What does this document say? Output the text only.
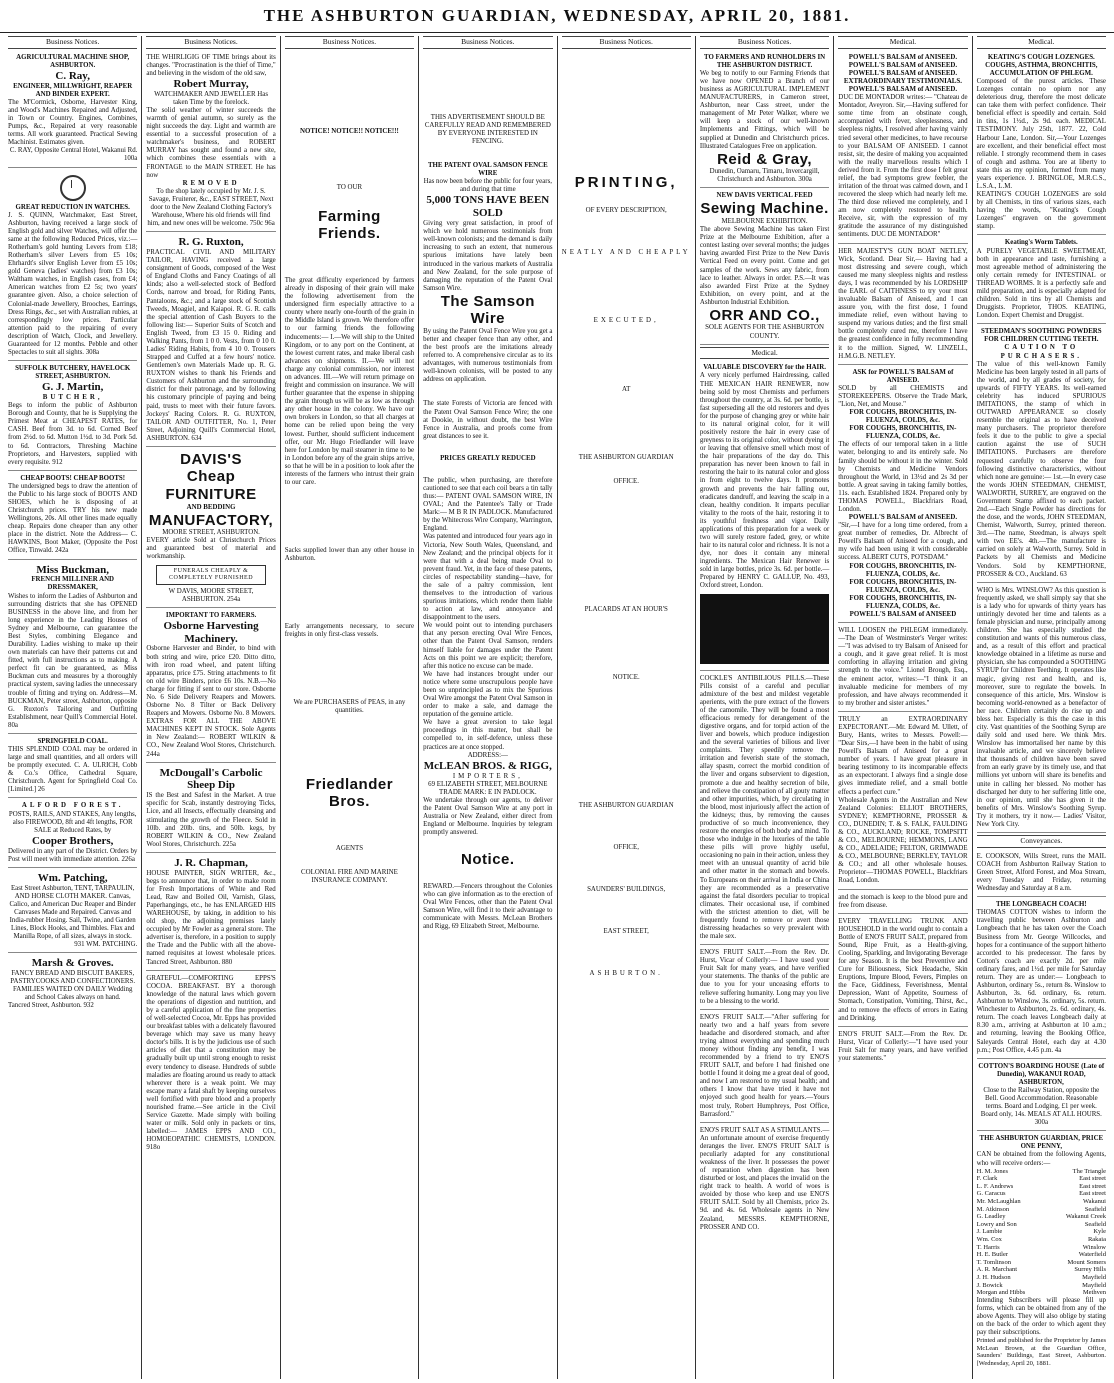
THE ASHBURTON GUARDIAN, WEDNESDAY, APRIL 20, 1881.
Business Notices.
AGRICULTURAL MACHINE SHOP, ASHBURTON.
C. Ray,
ENGINEER, MILLWRIGHT, REAPER AND BINDER EXPERT.
The M'Cormick, Osborne, Harvester King, and Wood's Machines Repaired and Adjusted, in Town or Country. Engines, Combines, Pumps, &c., Repaired at very reasonable terms. All work guaranteed. Practical Sewing Machinist. Estimates given.
C. RAY, Opposite Central Hotel, Wakanui Rd. 100a
GREAT REDUCTION IN WATCHES.
J. S. QUINN, Watchmaker, East Street, Ashburton, having received a large stock of English gold and silver Watches, will offer the same at the following Reduced Prices, viz.:— Rotherham's gold hunting Levers from £18; Rotherham's silver Levers from £5 10s; Ehrhardt's silver English Lever from £5 10s; gold Geneva (ladies' watches) from £3 10s; Waltham watches, in English cases, from £4; American watches from £2 5s; two years' guarantee given. Also, a choice selection of Colonial-made Jewellery, Brooches, Earrings, Dress Rings, &c., set with Australian rubies, at correspondingly low prices. Particular attention paid to the repairing of every description of Watch, Clock, and Jewellery. Guaranteed for 12 months. Pebble and other Spectacles to suit all sights. 308a
SUFFOLK BUTCHERY, HAVELOCK STREET, ASHBURTON.
G. J. Martin,
BUTCHER,
Begs to inform the public of Ashburton Borough and County, that he is Supplying the Primest Meat at CHEAPEST RATES, for CASH. Beef from 3d. to 6d. Corned Beef from 2½d. to 6d. Mutton 1½d. to 3d. Pork 5d. to 6d. Contractors, Threshing Machine Proprietors, and Harvesters, supplied with every requisite. 912
CHEAP BOOTS! CHEAP BOOTS!
The undersigned begs to draw the attention of the Public to his large stock of BOOTS AND SHOES, which he is disposing of at Christchurch prices. TRY his new made Wellingtons, 20s. All other lines made equally cheap. Repairs done cheaper than any other place in the district. Note the Address— C. HAWKINS, Boot Maker, (Opposite the Post Office, Tinwald. 242a
Miss Buckman,
FRENCH MILLINER AND DRESSMAKER,
Wishes to inform the Ladies of Ashburton and surrounding districts that she has OPENED BUSINESS in the above line, and from her long experience in the Leading Houses of Sydney and Melbourne, can guarantee the Best Styles, combining Elegance and Durability. Ladies wishing to make up their own materials can have their patterns cut and fitted, with full instructions as to making. A perfect fit can be guaranteed, as Miss Buckman cuts and measures by a thoroughly practical system, saving ladies the unnecessary trouble of fitting and trying on. Address—M. BUCKMAN, Peter street, Ashburton, opposite G. Ruxton's Tailoring and Outfitting Establishment, near Quill's Commercial Hotel. 80a
SPRINGFIELD COAL.
THIS SPLENDID COAL may be ordered in large and small quantities, and all orders will be promptly executed. C. A. ULRICH, Cobb & Co.'s Office, Cathedral Square, Christchurch. Agent for Springfield Coal Co. [Limited.] 26
ALFORD FOREST.
POSTS, RAILS, AND STAKES, Any lengths, also FIREWOOD, 8ft and 4ft lengths, FOR SALE at Reduced Rates, by
Cooper Brothers,
Delivered in any part of the District. Orders by Post will meet with immediate attention. 226a
Wm. Patching,
East Street Ashburton, TENT, TARPAULIN, AND HORSE CLOTH MAKER. Canvas, Calico, and American Duc Reaper and Binder Canvases Made and Repaired. Canvas and India-rubber Hosing. Sail, Twine, and Garden Lines, Block Hooks, and Thimbles. Flax and Manilla Rope, of all sizes, always in stock.
931 WM. PATCHING.
Marsh & Groves.
FANCY BREAD AND BISCUIT BAKERS, PASTRYCOOKS AND CONFECTIONERS. FAMILIES WAITED ON DAILY Wedding and School Cakes always on hand.
Tancred Street, Ashburton. 932
Business Notices.
THE WHIRLIGIG OF TIME brings about its changes. "Procrastination is the thief of Time," and believing in the wisdom of the old saw,
Robert Murray,
WATCHMAKER AND JEWELLER Has taken Time by the forelock.
The solid weather of winter succeeds the warmth of genial autumn, so surely as the night succeeds the day. Light and warmth are essential to a successful prosecution of a watchmaker's business, and ROBERT MURRAY has sought and found a new site, which combines these essentials with a FRONTAGE to the MAIN STREET. He has now
REMOVED
To the shop lately occupied by Mr. J. S. Savage, Fruiterer, &c., EAST STREET, Next door to the New Zealand Clothing Factory's Warehouse, Where his old friends will find him, and new ones will be welcome. 750c 96a
R. G. Ruxton,
PRACTICAL CIVIL AND MILITARY TAILOR, HAVING received a large consignment of Goods, composed of the West of England Cloths and Fancy Coatings of all kinds; also a well-selected stock of Bedford Cords, narrow and broad, for Riding Pants, Pantaloons, &c.; and a large stock of Scottish Tweeds, Moagiel, and Kaiapoi. R. G. R. calls the special attention of Cash Buyers to the following list:— Superior Suits of Scotch and English Tweed, from £3 15 0. Riding and Walking Pants, from 1 0 0. Vests, from 0 10 0. Ladies' Riding Habits, from 4 10 0. Trousers Strapped and Cuffed at a few hours' notice. Gentlemen's own Materials Made up. R. G. RUXTON wishes to thank his Friends and Customers of Ashburton and the surrounding district for their patronage, and by following his customary principle of paying and being paid, trusts to meet with their future favors. Jockeys' Racing Colors. R. G. RUXTON, TAILOR AND OUTFITTER, No. 1, Peter Street, Adjoining Quill's Commercial Hotel, ASHBURTON. 634
DAVIS'S
Cheap
FURNITURE
AND BEDDING
MANUFACTORY,
MOORE STREET, ASHBURTON.
EVERY article Sold at Christchurch Prices and guaranteed best of material and workmanship.
FUNERALS CHEAPLY & COMPLETELY FURNISHED
W DAVIS, MOORE STREET, ASHBURTON. 254a
IMPORTANT TO FARMERS.
Osborne Harvesting Machinery.
Osborne Harvester and Binder, to bind with both string and wire, price £20. Ditto ditto, with iron road wheel, and patent lifting apparatus, price £75. String attachments to fit on old wire Binders, price £6 10s. N.B.—No charge for fitting if sent to our store. Osborne No. 6 Side Delivery Reapers and Mowers. Osborne No. 8 Tilter or Back Delivery Reapers and Mowers. Osborne No. 8 Mowers. EXTRAS FOR ALL THE ABOVE MACHINES KEPT IN STOCK. Sole Agents in New Zealand:— ROBERT WILKIN & CO., New Zealand Wool Stores, Christchurch. 244a
McDougall's Carbolic Sheep Dip
IS the Best and Safest in the Market. A true specific for Scab, instantly destroying Ticks, Lice, and all Insects, effectually cleansing and stimulating the growth of the Fleece. Sold in 10lb. and 20lb. tins, and 50lb. kegs, by ROBERT WILKIN & CO., New Zealand Wool Stores, Christchurch. 225a
J. R. Chapman,
HOUSE PAINTER, SIGN WRITER, &c., begs to announce that, in order to make room for Fresh Importations of White and Red Lead, Raw and Boiled Oil, Varnish, Glass, Paperhangings, etc., he has ENLARGED HIS WAREHOUSE, by taking, in addition to his old shop, the adjoining premises lately occupied by Mr Fowler as a general store. The advertiser is, therefore, in a position to supply the Trade and the Public with all the above-named requisites at lowest wholesale prices. Tancred Street, Ashburton. 880
GRATEFUL—COMFORTING EPPS'S COCOA. BREAKFAST. BY a thorough knowledge of the natural laws which govern the operations of digestion and nutrition, and by a careful application of the fine properties of well-selected Cocoa, Mr. Epps has provided our breakfast tables with a delicately flavoured beverage which may save us many heavy doctor's bills. It is by the judicious use of such articles of diet that a constitution may be gradually built up until strong enough to resist every tendency to disease. Hundreds of subtle maladies are floating around us ready to attack wherever there is a weak point. We may escape many a fatal shaft by keeping ourselves well fortified with pure blood and a properly nourished frame.—See article in the Civil Service Gazette. Made simply with boiling water or milk. Sold only in packets or tins, labelled:— JAMES EPPS AND CO., HOMOEOPATHIC CHEMISTS, LONDON. 918o
Business Notices.
NOTICE! NOTICE!! NOTICE!!!
TO OUR
Farming Friends.
The great difficulty experienced by farmers already in disposing of their grain will make the following advertisement from the undersigned firm especially attractive to a county where nearly one-fourth of the grain in the Middle Island is grown. We therefore offer to our farming friends the following inducements:— I.—We will ship to the United Kingdom, or to any port on the Continent, at the lowest current rates, and make liberal cash advances on shipments. II.—We will not charge any colonial commission, nor interest on advances. III.—We will return primage on freight and commission on insurance. We will further guarantee that the expense in shipping the grain through us will be as low as through any other house in the colony. We have our own brokers in London, so that all charges at home can be relied upon being the very lowest. Further, should sufficient inducement offer, our Mr. Hugo Friedlander will leave here for London by mail steamer in time to be in London before any of the grain ships arrive, so that he will be in a position to look after the interests of the farmers who intrust their grain to our care.
Sacks supplied lower than any other house in Ashburton.
Early arrangements necessary, to secure freights in only first-class vessels.
We are PURCHASERS of PEAS, in any quantities.
Friedlander Bros.
AGENTS
COLONIAL FIRE AND MARINE INSURANCE COMPANY.
Business Notices.
THIS ADVERTISEMENT SHOULD BE CAREFULLY READ AND REMEMBERED BY EVERYONE INTERESTED IN FENCING.
THE PATENT OVAL SAMSON FENCE WIRE
Has now been before the public for four years, and during that time
5,000 TONS HAVE BEEN SOLD
Giving very great satisfaction, in proof of which we hold numerous testimonials from well-known colonists; and the demand is daily increasing to such an extent, that numerous spurious imitations have lately been introduced in the various markets of Australia and New Zealand, for the sole purpose of damaging the reputation of the Patent Oval Samson Wire.
The Samson Wire
By using the Patent Oval Fence Wire you get a better and cheaper fence than any other, and the best proofs are the imitations already referred to. A comprehensive circular as to its advantages, with numerous testimonials from well-known colonists, will be posted to any address on application.
The state Forests of Victoria are fenced with the Patent Oval Samson Fence Wire; the one at Dookie, in without doubt, the best Wire Fence in Australia, and proofs come from great distances to see it.
PRICES GREATLY REDUCED
The public, when purchasing, are therefore cautioned to see that each coil bears a tin tally thus:— PATENT OVAL SAMSON WIRE, IN OVAL; And the Patentee's Tally or Trade Mark:— M B R IN PADLOCK. Manufactured by the Whitecross Wire Company, Warrington, England.
Was patented and introduced four years ago in Victoria, New South Wales, Queensland, and New Zealand; and the principal objects for it were that with a deal being made Oval to prevent fraud. Yet, in the face of these patents, circles of respectability standing—have, for the sale of a paltry commission, lent themselves to the introduction of various spurious imitations, which render them liable to action at law, and annoyance and disappointment to the users.
We would point out to intending purchasers that any person erecting Oval Wire Fences, other than the Patent Oval Samson, renders himself liable for damages under the Patent Acts on this point we are explicit; therefore, after this notice no excuse can be made.
We have had instances brought under our notice where some unscrupulous people have been so unprincipled as to mix the Spurious Oval Wire amongst the Patent Oval Samson in order to make a sale, and damage the reputation of the genuine article.
We have a great aversion to take legal proceedings in this matter, but shall be compelled to, in self-defence, unless these practices are at once stopped.
ADDRESS:—
McLEAN BROS. & RIGG,
IMPORTERS,
69 ELIZABETH STREET, MELBOURNE
TRADE MARK: E IN PADLOCK.
We undertake through our agents, to deliver the Patent Oval Samson Wire at any port in Australia or New Zealand, either direct from England or Melbourne. Inquiries by telegram promptly answered.
Notice.
REWARD.—Fencers throughout the Colonies who can give information as to the erection of Oval Wire Fences, other than the Patent Oval Samson Wire, will find it to their advantage to communicate with Messrs. McLean Brothers and Rigg, 69 Elizabeth Street, Melbourne.
Business Notices.
PRINTING,
OF EVERY DESCRIPTION,
NEATLY AND CHEAPLY
EXECUTED,
AT
THE ASHBURTON GUARDIAN
OFFICE.
PLACARDS AT AN HOUR'S
NOTICE.
THE ASHBURTON GUARDIAN
OFFICE,
SAUNDERS' BUILDINGS,
EAST STREET,
ASHBURTON.
Business Notices.
TO FARMERS AND RUNHOLDERS IN THE ASHBURTON DISTRICT.
We beg to notify to our Farming Friends that we have now OPENED a Branch of our business as AGRICULTURAL IMPLEMENT MANUFACTURERS, in Cameron street, Ashburton, near Cass street, under the management of Mr Peter Walker, where we will keep a stock of our well-known Implements and Fittings, which will be supplied at Dunedin and Christchurch prices. Illustrated Catalogues Free on application.
Reid & Gray,
Dunedin, Oamaru, Timaru, Invercargill, Christchurch and Ashburton. 300a
NEW DAVIS VERTICAL FEED
Sewing Machine.
MELBOURNE EXHIBITION.
The above Sewing Machine has taken First Prize at the Melbourne Exhibition, after a contest lasting over several months; the judges having awarded First Prize to the New Davis Vertical Feed on every point. Come and get samples of the work. Sews any fabric, from lace to leather. Always in order. P.S.—It was also awarded First Prize at the Sydney Exhibition, on every point, and at the Ashburton Industrial Exhibition.
ORR AND CO.,
SOLE AGENTS FOR THE ASHBURTON COUNTY.
Medical.
VALUABLE DISCOVERY for the HAIR.
A very nicely perfumed Hairdressing, called THE MEXICAN HAIR RENEWER, now being sold by most Chemists and perfumers throughout the country, at 3s. 6d. per bottle, is fast superseding all the old restorers and dyes for the purpose of changing grey or white hair to its natural original color, for it will positively restore the hair in every case of greyness to its original color, without dyeing it or leaving that offensive smell which most of the hair preparations of the day do. This preparation has never been known to fail in restoring the hair to its natural color and gloss in from eight to twelve days. It promotes growth and prevents the hair falling out, eradicates dandruff, and leaving the scalp in a clean, healthy condition. It imparts peculiar vitality to the roots of the hair, restoring it to its youthful freshness and vigor. Daily applications of this preparation for a week or two will surely restore faded, grey, or white hair to its natural color and richness. It is not a dye, nor does it contain any mineral ingredients. The Mexican Hair Renewer is sold in large bottles, price 3s. 6d. per bottle.—Prepared by HENRY C. GALLUP, No. 493, Oxford street, London.
COCKLE'S ANTIBILIOUS PILLS.—These Pills consist of a careful and peculiar admixture of the best and mildest vegetable aperients, with the pure extract of the flowers of the camomile. They will be found a most efficacious remedy for derangement of the digestive organs, and for torpid action of the liver and bowels, which produce indigestion and the several varieties of bilious and liver complaints. They speedily remove the irritation and feverish state of the stomach, allay spasm, correct the morbid condition of the liver and organs subservient to digestion, promote a due and healthy secretion of bile, and relieve the constipation of all gouty matter and other impurities, which, by circulating in the blood, most injuriously affect the action of the kidneys; thus, by removing the causes productive of so much inconvenience, they restore the energies of both body and mind. To those who indulge in the luxuries of the table these pills will prove highly useful, occasioning no pain in their action, unless they meet with an unusual quantity of acrid bile and other matter in the stomach and bowels. To Europeans on their arrival in India or China they are recommended as a preservative against the fatal disorders peculiar to tropical climates. Their occasional use, if combined with the strictest attention to diet, will be frequently found to remove or avert those distressing headaches so very prevalent with the male sex.
ENO'S FRUIT SALT.—From the Rev. Dr. Hurst, Vicar of Collerly:— I have used your Fruit Salt for many years, and have verified your statements. The thanks of the public are due to you for your unceasing efforts to relieve suffering humanity. Long may you live to be a blessing to the world.
ENO'S FRUIT SALT.—"After suffering for nearly two and a half years from severe headache and disordered stomach, and after trying almost everything and spending much money without finding any benefit, I was recommended by a friend to try ENO'S FRUIT SALT, and before I had finished one bottle I found it doing me a great deal of good, and now I am restored to my usual health; and others I know that have tried it have not enjoyed such good health for years.—Yours most truly, Robert Humphreys, Post Office, Barrasford."
ENO'S FRUIT SALT AS A STIMULANTS.—An unfortunate amount of exercise frequently deranges the liver. ENO'S FRUIT SALT is peculiarly adapted for any constitutional weakness of the liver. It possesses the power of reparation when digestion has been disturbed or lost, and places the invalid on the right track to health. A world of woes is avoided by those who keep and use ENO'S FRUIT SALT. Sold by all Chemists, price 2s. 9d. and 4s. 6d. Wholesale agents in New Zealand, MESSRS. KEMPTHORNE, PROSSER AND CO.
Medical.
POWELL'S BALSAM of ANISEED.
POWELL'S BALSAM of ANISEED.
POWELL'S BALSAM of ANISEED.
EXTRAORDINARY TESTIMONIALS.
POWELL'S BALSAM of ANISEED.
DUC DE MONTADOR writes:— "Chateau de Montador, Aveyron. Sir,—Having suffered for some time from an obstinate cough, accompanied with fever, sleeplessness, and sleepless nights, I resolved after having vainly tried several other medicines, to have recourse to your BALSAM OF ANISEED. I cannot resist, sir, the desire of making you acquainted with the really marvellous results which I derived from it. From the first dose I felt great relief, the bad symptoms grew feebler, the irritation of the throat was calmed down, and I recovered the sleep which had nearly left me. The third dose relieved me completely, and I am now completely restored to health. Receive, sir, with the expression of my gratitude the assurance of my distinguished sentiments. DUC DE MONTADOR"
HER MAJESTY'S GUN BOAT NETLEY, Wick, Scotland. Dear Sir,— Having had a most distressing and severe cough, which caused me many sleepless nights and restless days, I was recommended by his LORDSHIP the EARL of CAITHNESS to try your most invaluable Balsam of Aniseed, and I can assure you, with the first dose, I found immediate relief, even without having to suspend my various duties; and the first small bottle completely cured me, therefore I have the greatest confidence in fully recommending it to the million. Signed, W. LINZELL, H.M.G.B. NETLEY.
ASK for POWELL'S BALSAM of ANISEED.
SOLD by all CHEMISTS and STOREKEEPERS. Observe the Trade Mark, "Lion, Net, and Mouse."
FOR COUGHS, BRONCHITIS, IN-FLUENZA, COLDS, &c.
FOR COUGHS, BRONCHITIS, IN-FLUENZA, COLDS, &c.
The effects of our temporal taken in a little water, belonging to and its entirely safe. No family should be without it in the winter. Sold by Chemists and Medicine Vendors throughout the World, in 13½d and 2s 3d per bottle. A great saving in taking family bottles, 11s. each. Established 1824. Prepared only by THOMAS POWELL, Blackfriars Road, London.
POWELL'S BALSAM of ANISEED.
"Sir,—I have for a long time ordered, from a great number of remedies, Dr. Albrecht of Powell's Balsam of Aniseed for a cough, and my wife had been using it with considerable success. ALBERT CUTS, POTSDAM."
FOR COUGHS, BRONCHITIS, IN-FLUENZA, COLDS, &c.
FOR COUGHS, BRONCHITIS, IN-FLUENZA, COLDS, &c.
FOR COUGHS, BRONCHITIS, IN-FLUENZA, COLDS, &c.
POWELL'S BALSAM of ANISEED
WILL LOOSEN the PHLEGM immediately.—The Dean of Westminster's Verger writes:—"I was advised to try Balsam of Aniseed for a cough, and it gave great relief. It is most comforting in allaying irritation and giving strength to the voice." Lionel Brough, Esq., the eminent actor, writes:—"I think it an invaluable medicine for members of my profession, and have always recommended it to my brother and sister artistes."
TRULY an EXTRAORDINARY EXPECTORANT.—Mr. Edward M. Ullett, of Bury, Hants, writes to Messrs. Powell:— "Dear Sirs,—I have been in the habit of using Powell's Balsam of Aniseed for a great number of years. I have great pleasure in bearing testimony to its incomparable effects as an expectorant. I always find a single dose gives immediate relief, and a small bottle effects a perfect cure."
Wholesale Agents in the Australian and New Zealand Colonies: ELLIOT BROTHERS, SYDNEY; KEMPTHORNE, PROSSER & CO., DUNEDIN; T. & S. FALK, FAULDING & CO., AUCKLAND; ROCKE, TOMPSITT & CO., MELBOURNE; HEMMONS, LANG & CO., ADELAIDE; FELTON, GRIMWADE & CO., MELBOURNE; BERKLEY, TAYLOR & CO.; and all other wholesale houses. Proprietor—THOMAS POWELL, Blackfriars Road, London.
and the stomach is keep to the blood pure and free from disease.
EVERY TRAVELLING TRUNK AND HOUSEHOLD in the world ought to contain a Bottle of ENO'S FRUIT SALT, prepared from Sound, Ripe Fruit, as a Health-giving, Cooling, Sparkling, and Invigorating Beverage for any Season. It is the best Preventive and Cure for Biliousness, Sick Headache, Skin Eruptions, Impure Blood, Fevers, Pimples on the Face, Giddiness, Feverishness, Mental Depression, Want of Appetite, Sourness of Stomach, Constipation, Vomiting, Thirst, &c., and to remove the effects of errors in Eating and Drinking.
ENO'S FRUIT SALT.—From the Rev. Dr. Hurst, Vicar of Collerly:—"I have used your Fruit Salt for many years, and have verified your statements."
Medical.
KEATING'S COUGH LOZENGES.
COUGHS, ASTHMA, BRONCHITIS, ACCUMULATION OF PHLEGM.
Composed of the purest articles. These Lozenges contain no opium nor any deleterious drug, therefore the most delicate can take them with perfect confidence. Their beneficial effect is speedily and certain. Sold in tins, 1s 1½d., 2s 9d. each. MEDICAL TESTIMONY. July 25th, 1877. 22, Cold Harbour Lane, London. Sir,—Your Lozenges are excellent, and their beneficial effect most reliable. I strongly recommend them in cases of cough and asthma. You are at liberty to state this as my opinion, formed from many years experience. J. BRINGLOE, M.R.C.S., L.S.A., L.M.
KEATING'S COUGH LOZENGES are sold by all Chemists, in tins of various sizes, each having the words, "Keating's Cough Lozenges" engraven on the government stamp.
Keating's Worm Tablets.
A PURELY VEGETABLE SWEETMEAT, both in appearance and taste, furnishing a most agreeable method of administering the only certain remedy for INTESTINAL or THREAD WORMS. It is a perfectly safe and mild preparation, and is especially adapted for children. Sold in tins by all Chemists and Druggists. Proprietor, THOS. KEATING, London. Expert Chemist and Druggist.
STEEDMAN'S SOOTHING POWDERS FOR CHILDREN CUTTING TEETH.
CAUTION TO PURCHASERS.
The value of this well-known Family Medicine has been largely tested in all parts of the world, and by all grades of society, for upwards of FIFTY YEARS. Its well-earned celebrity has induced SPURIOUS IMITATIONS, the stamp of which in OUTWARD APPEARANCE so closely resemble the original as to have deceived many purchasers. The proprietor therefore feels it due to the public to give a special caution against the use of SUCH IMITATIONS. Purchasers are therefore requested carefully to observe the four following distinctive characteristics, without which none are genuine:— 1st.—In every case the words JOHN STEEDMAN, CHEMIST, WALWORTH, SURREY, are engraved on the Government Stamp affixed to each packet. 2nd.—Each Single Powder has directions for the dose, and the words, JOHN STEEDMAN, Chemist, Walworth, Surrey, printed thereon. 3rd.—The name, Steedman, is always spelt with two EE's. 4th.—The manufacture is carried on solely at Walworth, Surrey. Sold in Packets by all Chemists and Medicine Vendors. Sold by KEMPTHORNE, PROSSER & CO., Auckland. 63
WHO is Mrs. WINSLOW? As this question is frequently asked, we shall simply say that she is a lady who for upwards of thirty years has untiringly devoted her time and talents as a female physician and nurse, principally among children. She has especially studied the constitution and wants of this numerous class, and, as a result of this effort and practical knowledge obtained in a lifetime as nurse and physician, she has compounded a SOOTHING SYRUP for Children Teething. It operates like magic, giving rest and health, and is, moreover, sure to regulate the bowels. In consequence of this article, Mrs. Winslow is becoming world-renowned as a benefactor of her race. Children certainly do rise up and bless her. Especially is this the case in this city. Vast quantities of the Soothing Syrup are daily sold and used here. We think Mrs. Winslow has immortalised her name by this invaluable article, and we sincerely believe that thousands of children have been saved from an early grave by its timely use, and that millions yet unborn will share its benefits and unite in calling her blessed. No mother has discharged her duty to her suffering little one, in our opinion, until she has given it the benefits of Mrs. Winslow's Soothing Syrup. Try it mothers, try it now.— Ladies' Visitor, New York City.
Conveyances.
E. COOKSON, Wills Street, runs the MAIL COACH from Ashburton Railway Station to Green Street, Alford Forest, and Moa Stream, every Tuesday and Friday, returning Wednesday and Saturday at 8 a.m.
THE LONGBEACH COACH!
THOMAS COTTON wishes to inform the travelling public between Ashburton and Longbeach that he has taken over the Coach Business from Mr. George Willcocks, and hopes for a continuance of the support hitherto accorded to his predecessor. The fares by Cotton's coach are exactly 2d. per mile ordinary fares, and 1½d. per mile for Saturday return. They are as under:— Longbeach to Ashburton, ordinary 5s., return 8s. Winslow to Ashburton, 3s. 6d. ordinary, 6s. return. Ashburton to Winslow, 3s. ordinary, 5s. return. Winchester to Ashburton, 2s. 6d. ordinary, 4s. return. The coach leaves Longbeach daily at 8.30 a.m., arriving at Ashburton at 10 a.m.; and returning, leaving the Booking Office, Saleyards Central Hotel, each day at 4.30 p.m.; Post Office, 4.45 p.m. 4a
COTTON'S BOARDING HOUSE (Late of Dunedin), WAKANUI ROAD, ASHBURTON,
Close to the Railway Station, opposite the Bell. Good Accommodation. Reasonable terms. Board and Lodging, £1 per week. Board only, 14s. MEALS AT ALL HOURS. 300a
THE ASHBURTON GUARDIAN, PRICE ONE PENNY,
CAN be obtained from the following Agents, who will receive orders:—
H. M. Jones	The Triangle
F. Clark	East street
L. F. Andrews	East street
G. Caracus	East street
Mr. McLaughlan	Wakanui
M. Atkinson	Seafield
G. Leadley	Wakanui Creek
Lowry and Son	Seafield
J. Lambie	Kyle
Wm. Cox	Rakaia
T. Harris	Winslow
H. E. Butler	Waterfield
T. Tomlinson	Mount Somers
A. R. Marchant	Surrey Hills
J. H. Hudson	Mayfield
J. Bowick	Mayfield
Morgan and Hibbs	Methven
Intending Subscribers will please fill up forms, which can be obtained from any of the above Agents. They will also oblige by stating on the back of the order to which agent they pay their subscriptions.
Printed and published for the Proprietor by James McLean Brown, at the Guardian Office, Saunders' Buildings, East Street, Ashburton. [Wednesday, April 20, 1881.
